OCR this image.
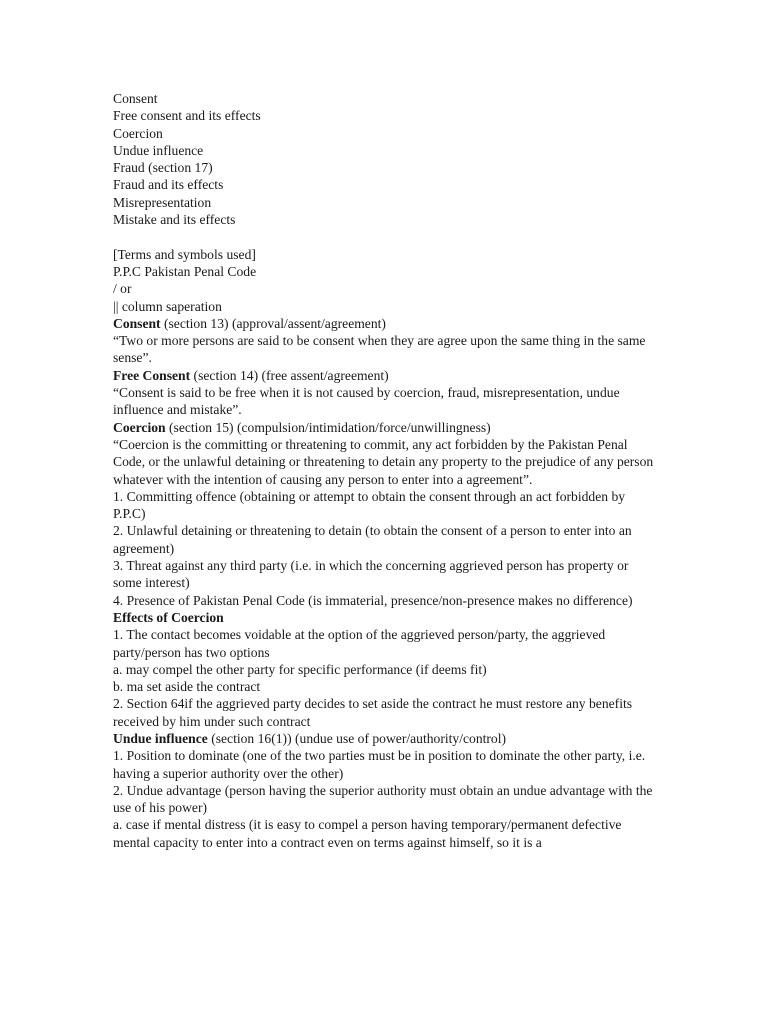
Consent

Free consent and its effects

Coercion

Undue influence

Fraud (section 17)

Fraud and its effects

Misrepresentation

Mistake and its effects

[Terms and symbols used]

P.P.C Pakistan Penal Code

/ or

|| column saperation

Consent (section 13) (approval/assent/agreement)

“Two or more persons are said to be consent when they are agree upon the same thing in the same sense”.

Free Consent (section 14) (free assent/agreement)

“Consent is said to be free when it is not caused by coercion, fraud, misrepresentation, undue influence and mistake”.

Coercion (section 15) (compulsion/intimidation/force/unwillingness)

“Coercion is the committing or threatening to commit, any act forbidden by the Pakistan Penal Code, or the unlawful detaining or threatening to detain any property to the prejudice of any person whatever with the intention of causing any person to enter into a agreement”.

1. Committing offence (obtaining or attempt to obtain the consent through an act forbidden by P.P.C)

2. Unlawful detaining or threatening to detain (to obtain the consent of a person to enter into an agreement)

3. Threat against any third party (i.e. in which the concerning aggrieved person has property or some interest)

4. Presence of Pakistan Penal Code (is immaterial, presence/non-presence makes no difference)

Effects of Coercion

1. The contact becomes voidable at the option of the aggrieved person/party, the aggrieved party/person has two options

a. may compel the other party for specific performance (if deems fit)

b. ma set aside the contract

2. Section 64if the aggrieved party decides to set aside the contract he must restore any benefits received by him under such contract

Undue influence (section 16(1)) (undue use of power/authority/control)

1. Position to dominate (one of the two parties must be in position to dominate the other party, i.e. having a superior authority over the other)

2. Undue advantage (person having the superior authority must obtain an undue advantage with the use of his power)

a. case if mental distress (it is easy to compel a person having temporary/permanent defective mental capacity to enter into a contract even on terms against himself, so it is a
